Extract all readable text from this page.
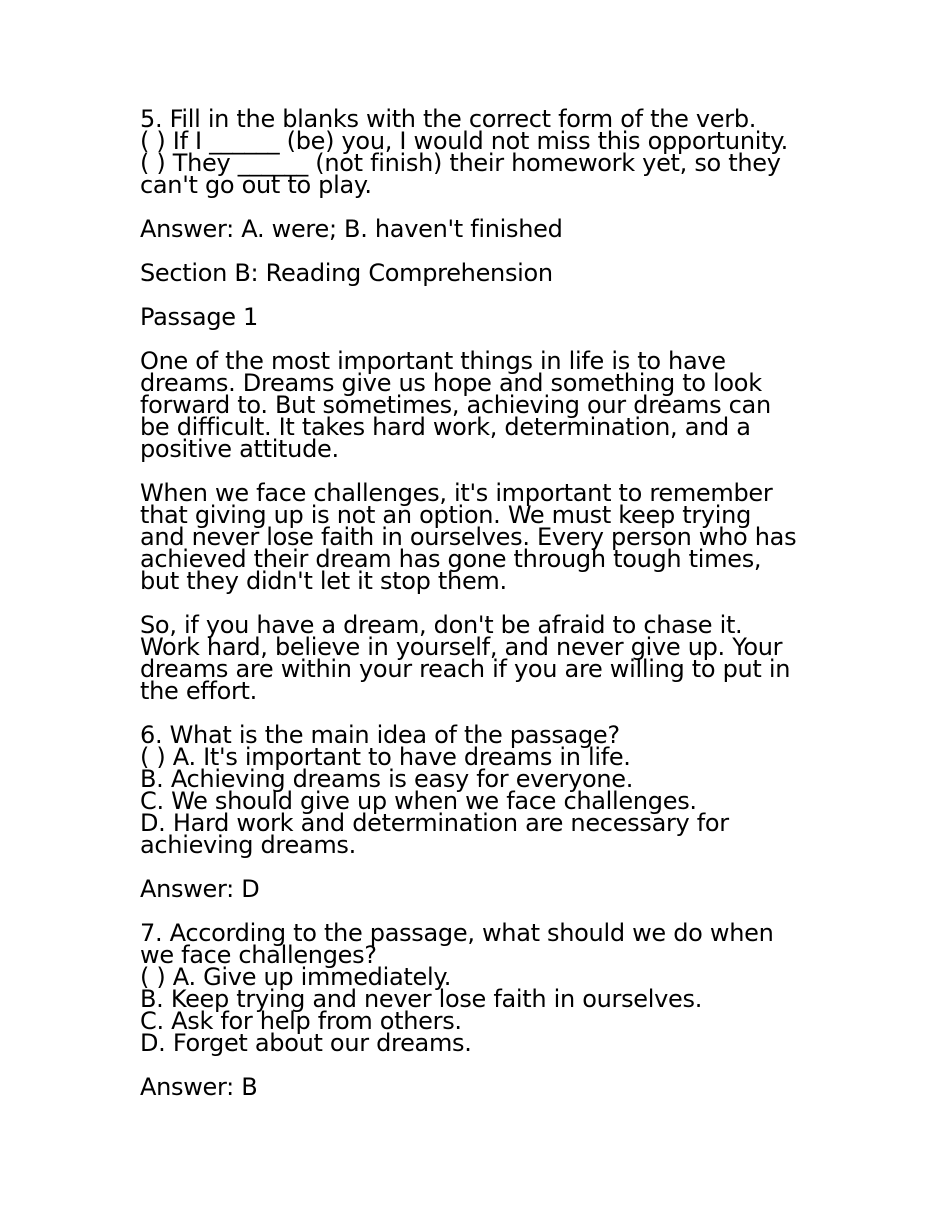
5. Fill in the blanks with the correct form of the verb.
( ) If I ______ (be) you, I would not miss this opportunity.
( ) They ______ (not finish) their homework yet, so they
can't go out to play.
Answer: A. were; B. haven't finished
Section B: Reading Comprehension
Passage 1
One of the most important things in life is to have
dreams. Dreams give us hope and something to look
forward to. But sometimes, achieving our dreams can
be difficult. It takes hard work, determination, and a
positive attitude.
When we face challenges, it's important to remember
that giving up is not an option. We must keep trying
and never lose faith in ourselves. Every person who has
achieved their dream has gone through tough times,
but they didn't let it stop them.
So, if you have a dream, don't be afraid to chase it.
Work hard, believe in yourself, and never give up. Your
dreams are within your reach if you are willing to put in
the effort.
6. What is the main idea of the passage?
( ) A. It's important to have dreams in life.
B. Achieving dreams is easy for everyone.
C. We should give up when we face challenges.
D. Hard work and determination are necessary for
achieving dreams.
Answer: D
7. According to the passage, what should we do when
we face challenges?
( ) A. Give up immediately.
B. Keep trying and never lose faith in ourselves.
C. Ask for help from others.
D. Forget about our dreams.
Answer: B
